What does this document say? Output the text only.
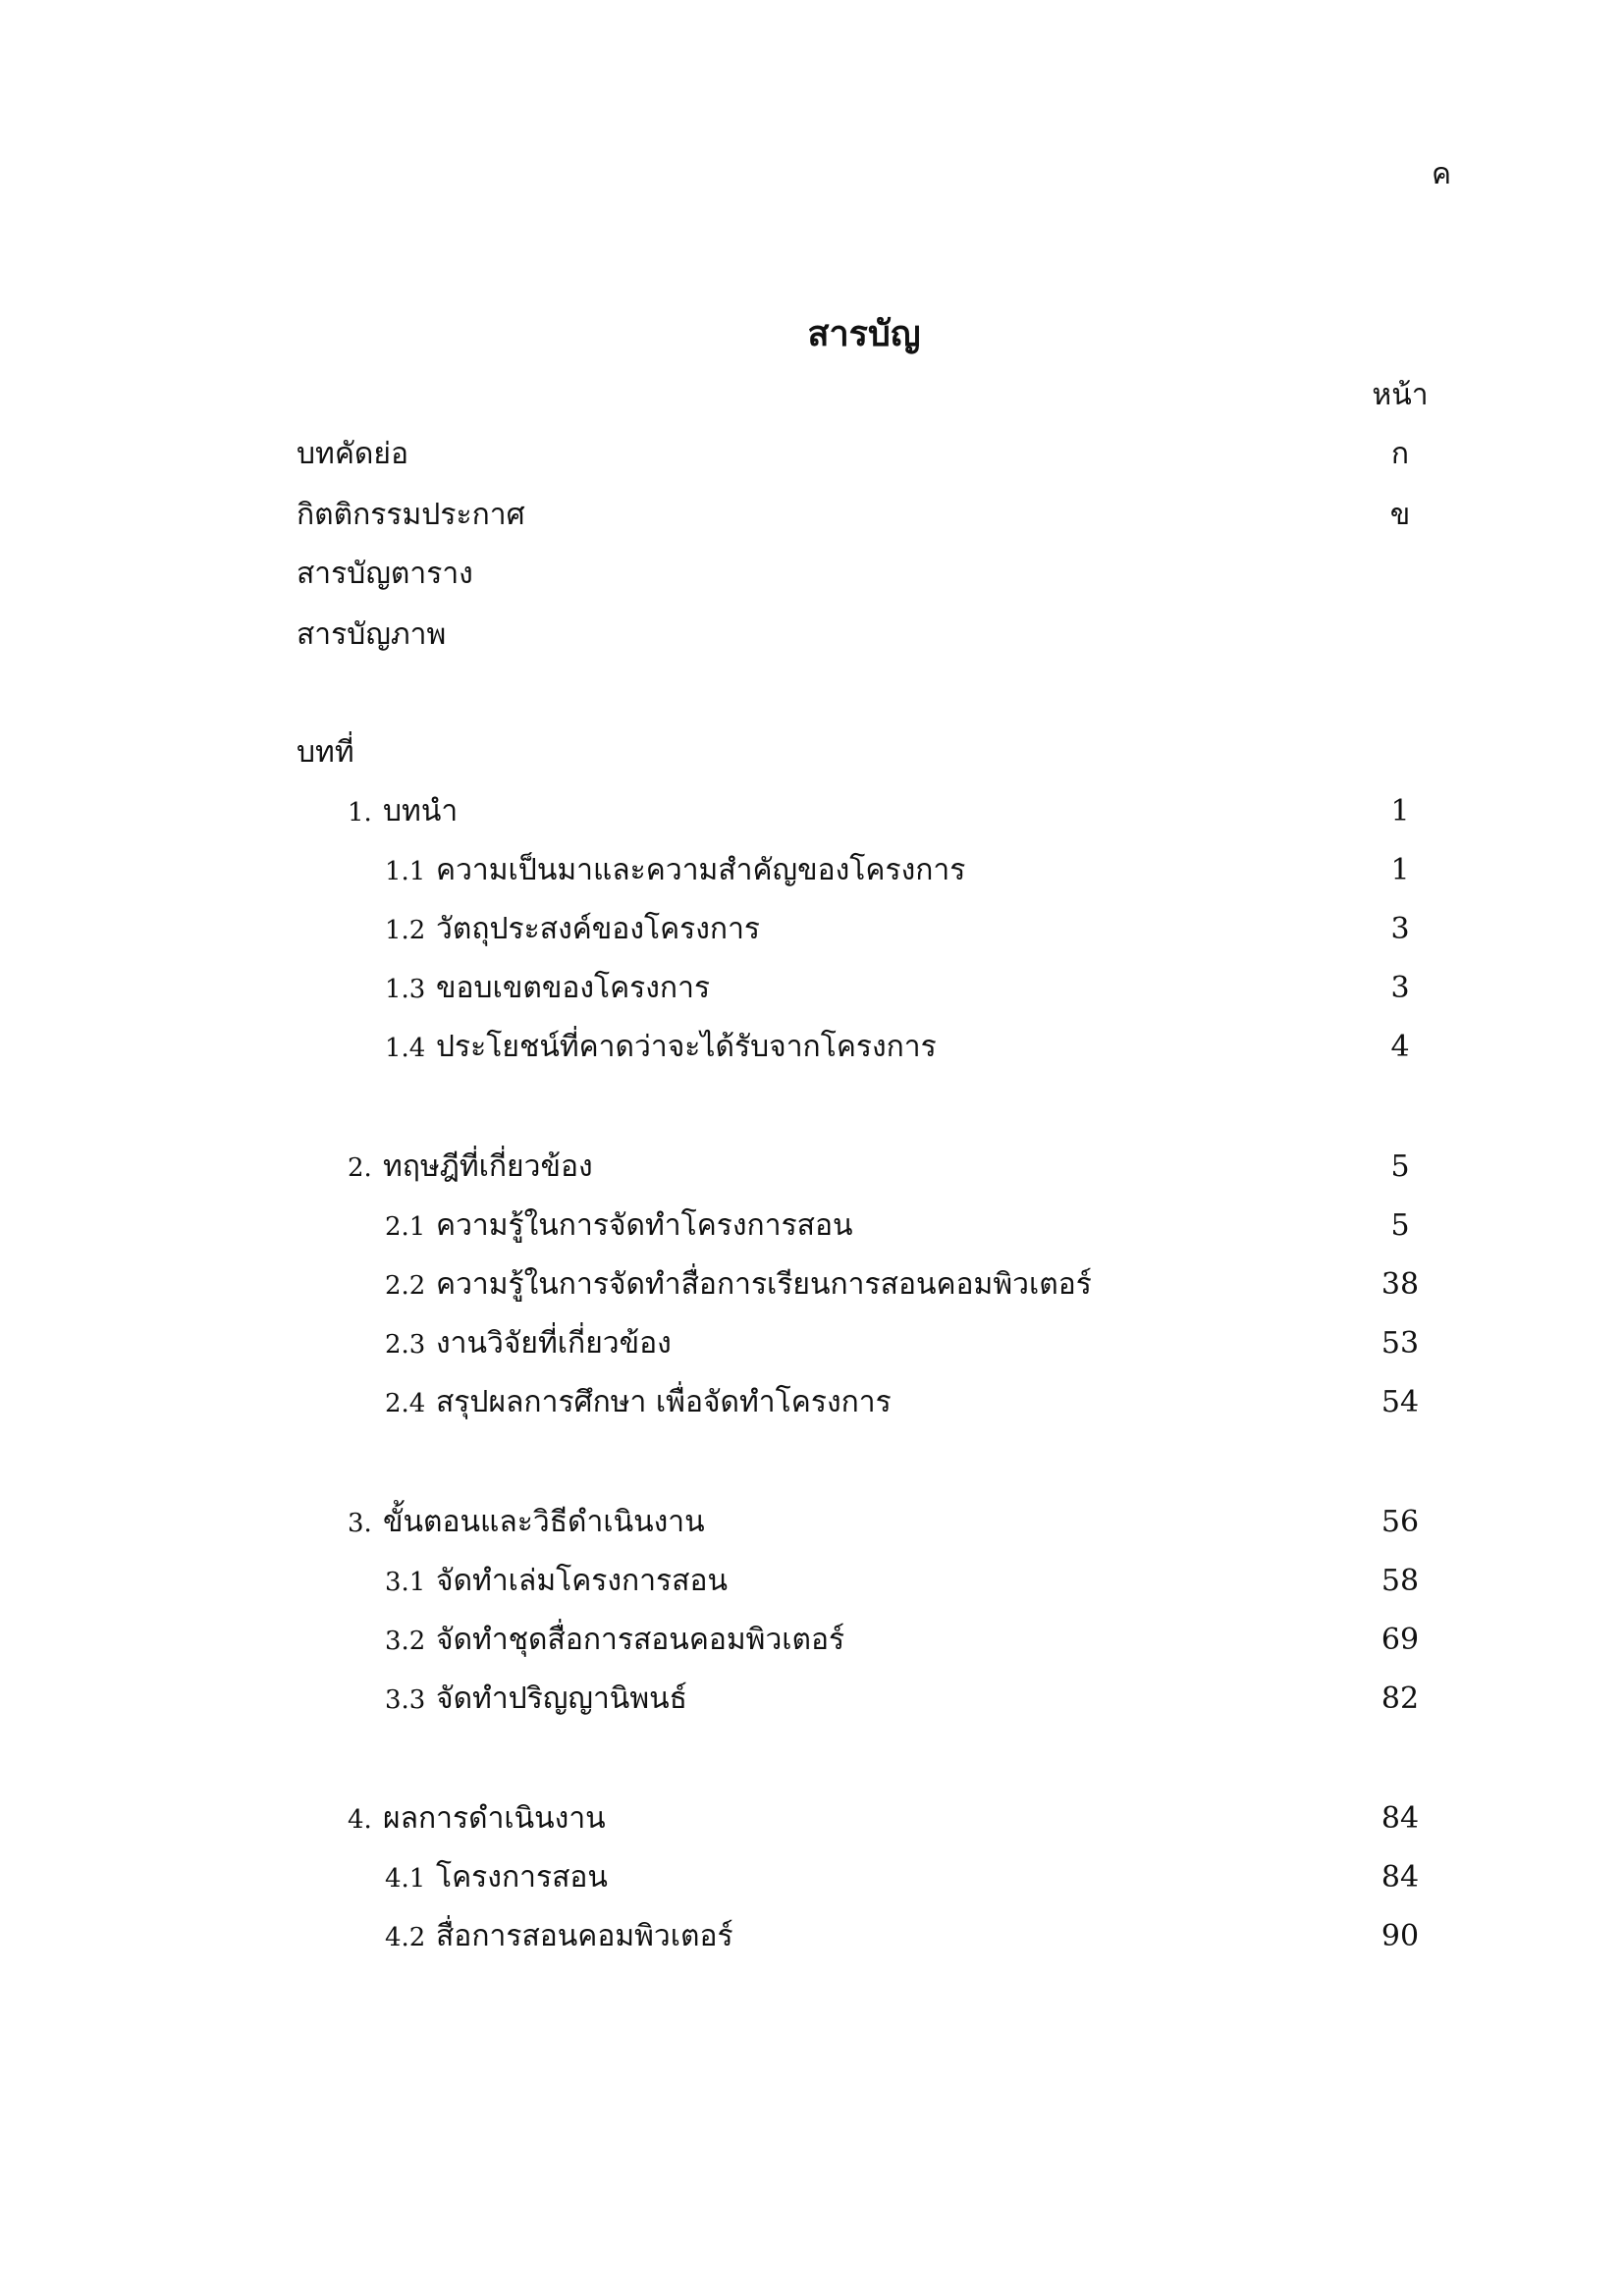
ค
สารบัญ
หน้า
บทคัดย่อ	ก
กิตติกรรมประกาศ	ข
สารบัญตาราง
สารบัญภาพ
บทที่
1. บทนำ	1
1.1 ความเป็นมาและความสำคัญของโครงการ	1
1.2 วัตถุประสงค์ของโครงการ	3
1.3 ขอบเขตของโครงการ	3
1.4 ประโยชน์ที่คาดว่าจะได้รับจากโครงการ	4
2. ทฤษฎีที่เกี่ยวข้อง	5
2.1 ความรู้ในการจัดทำโครงการสอน	5
2.2 ความรู้ในการจัดทำสื่อการเรียนการสอนคอมพิวเตอร์	38
2.3 งานวิจัยที่เกี่ยวข้อง	53
2.4 สรุปผลการศึกษา เพื่อจัดทำโครงการ	54
3. ขั้นตอนและวิธีดำเนินงาน	56
3.1 จัดทำเล่มโครงการสอน	58
3.2 จัดทำชุดสื่อการสอนคอมพิวเตอร์	69
3.3 จัดทำปริญญานิพนธ์	82
4. ผลการดำเนินงาน	84
4.1 โครงการสอน	84
4.2 สื่อการสอนคอมพิวเตอร์	90
